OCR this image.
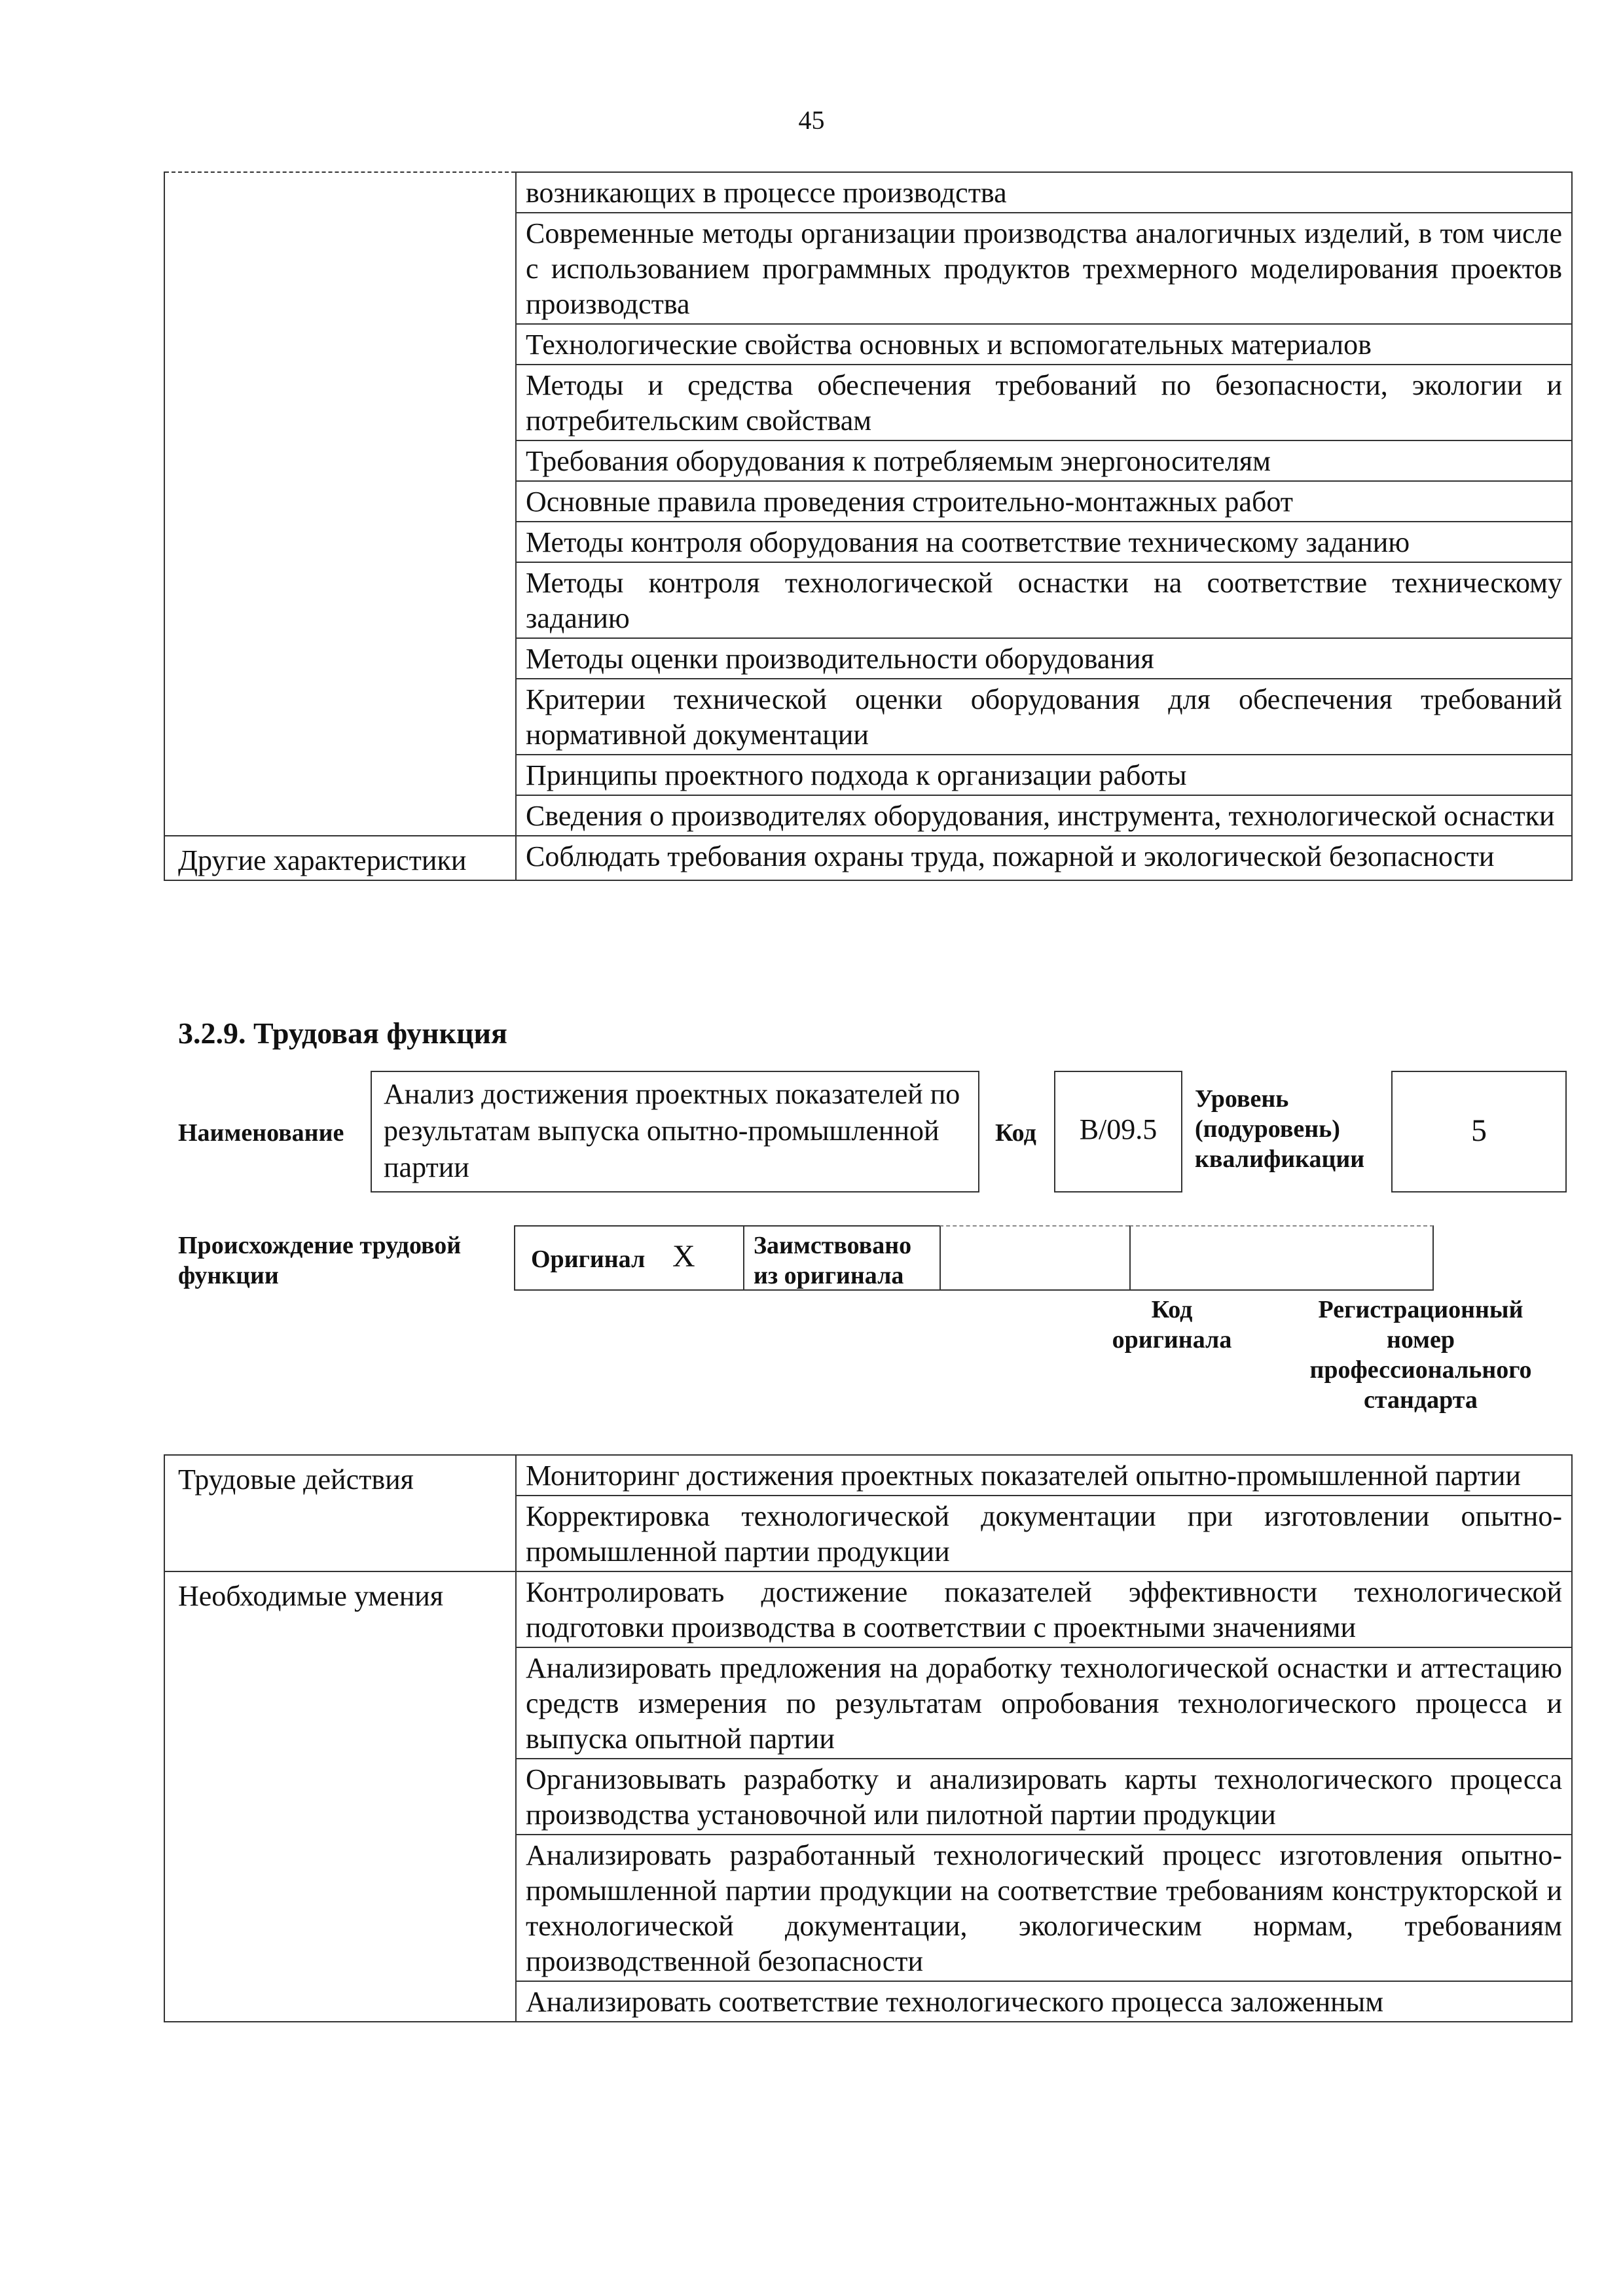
45
	возникающих в процессе производства
	Современные методы организации производства аналогичных изделий, в том числе с использованием программных продуктов трехмерного моделирования проектов производства
	Технологические свойства основных и вспомогательных материалов
	Методы и средства обеспечения требований по безопасности, экологии и потребительским свойствам
	Требования оборудования к потребляемым энергоносителям
	Основные правила проведения строительно-монтажных работ
	Методы контроля оборудования на соответствие техническому заданию
	Методы контроля технологической оснастки на соответствие техническому заданию
	Методы оценки производительности оборудования
	Критерии технической оценки оборудования для обеспечения требований нормативной документации
	Принципы проектного подхода к организации работы
	Сведения о производителях оборудования, инструмента, технологической оснастки
Другие характеристики	Соблюдать требования охраны труда, пожарной и экологической безопасности
3.2.9. Трудовая функция
Наименование
Анализ достижения проектных показателей по результатам выпуска опытно-промышленной партии
Код	B/09.5
Уровень (подуровень) квалификации
5
Происхождение трудовой функции
Оригинал X Заимствовано из оригинала
Код оригинала
Регистрационный номер профессионального стандарта
Трудовые действия	Мониторинг достижения проектных показателей опытно-промышленной партии
	Корректировка технологической документации при изготовлении опытно-промышленной партии продукции
Необходимые умения	Контролировать достижение показателей эффективности технологической подготовки производства в соответствии с проектными значениями
	Анализировать предложения на доработку технологической оснастки и аттестацию средств измерения по результатам опробования технологического процесса и выпуска опытной партии
	Организовывать разработку и анализировать карты технологического процесса производства установочной или пилотной партии продукции
	Анализировать разработанный технологический процесс изготовления опытно-промышленной партии продукции на соответствие требованиям конструкторской и технологической документации, экологическим нормам, требованиям производственной безопасности
	Анализировать соответствие технологического процесса заложенным
